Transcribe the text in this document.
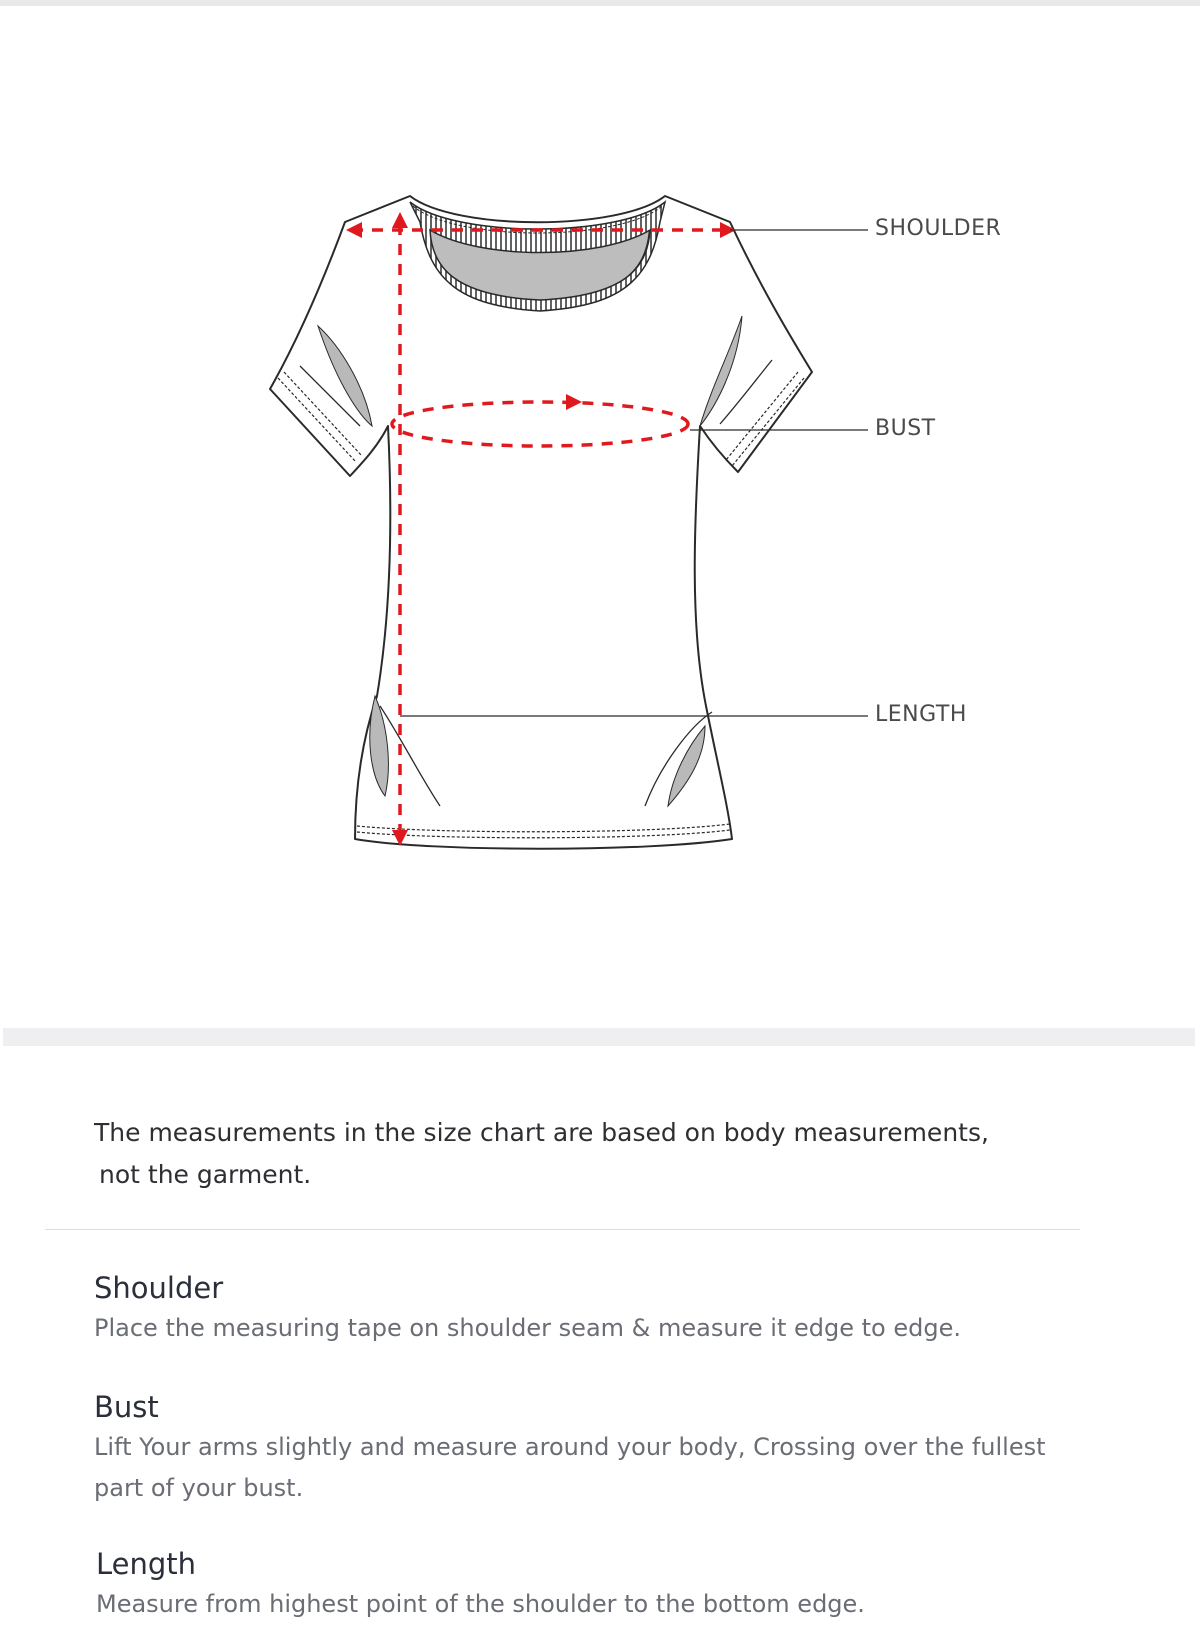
SHOULDER
BUST
LENGTH
The measurements in the size chart are based on body measurements,
not the garment.

Shoulder

Place the measuring tape on shoulder seam & measure it edge to edge.

Bust

Lift Your arms slightly and measure around your body, Crossing over the fullest part of your bust.

Length

Measure from highest point of the shoulder to the bottom edge.
